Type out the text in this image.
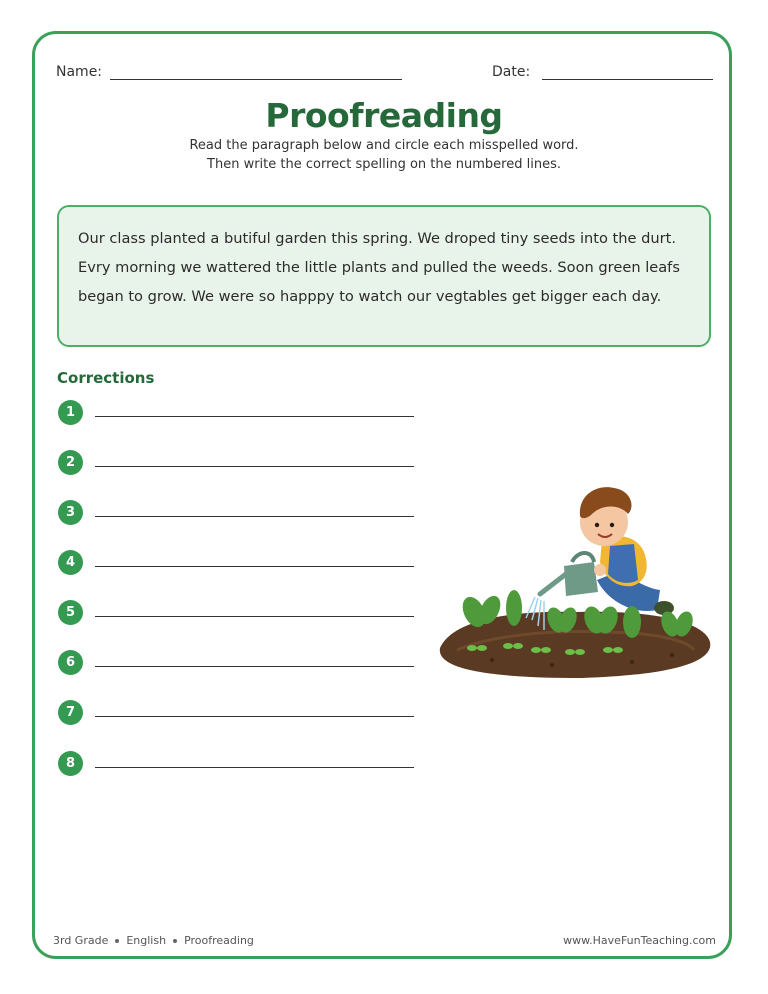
Name:	Date:
Proofreading
Read the paragraph below and circle each misspelled word.
Then write the correct spelling on the numbered lines.
Our class planted a butiful garden this spring. We droped tiny seeds into the durt. Evry morning we wattered the little plants and pulled the weeds. Soon green leafs began to grow. We were so happpy to watch our vegtables get bigger each day.
Corrections
1
2
3
4
5
6
7
8
3rd Grade English Proofreading	www.HaveFunTeaching.com
